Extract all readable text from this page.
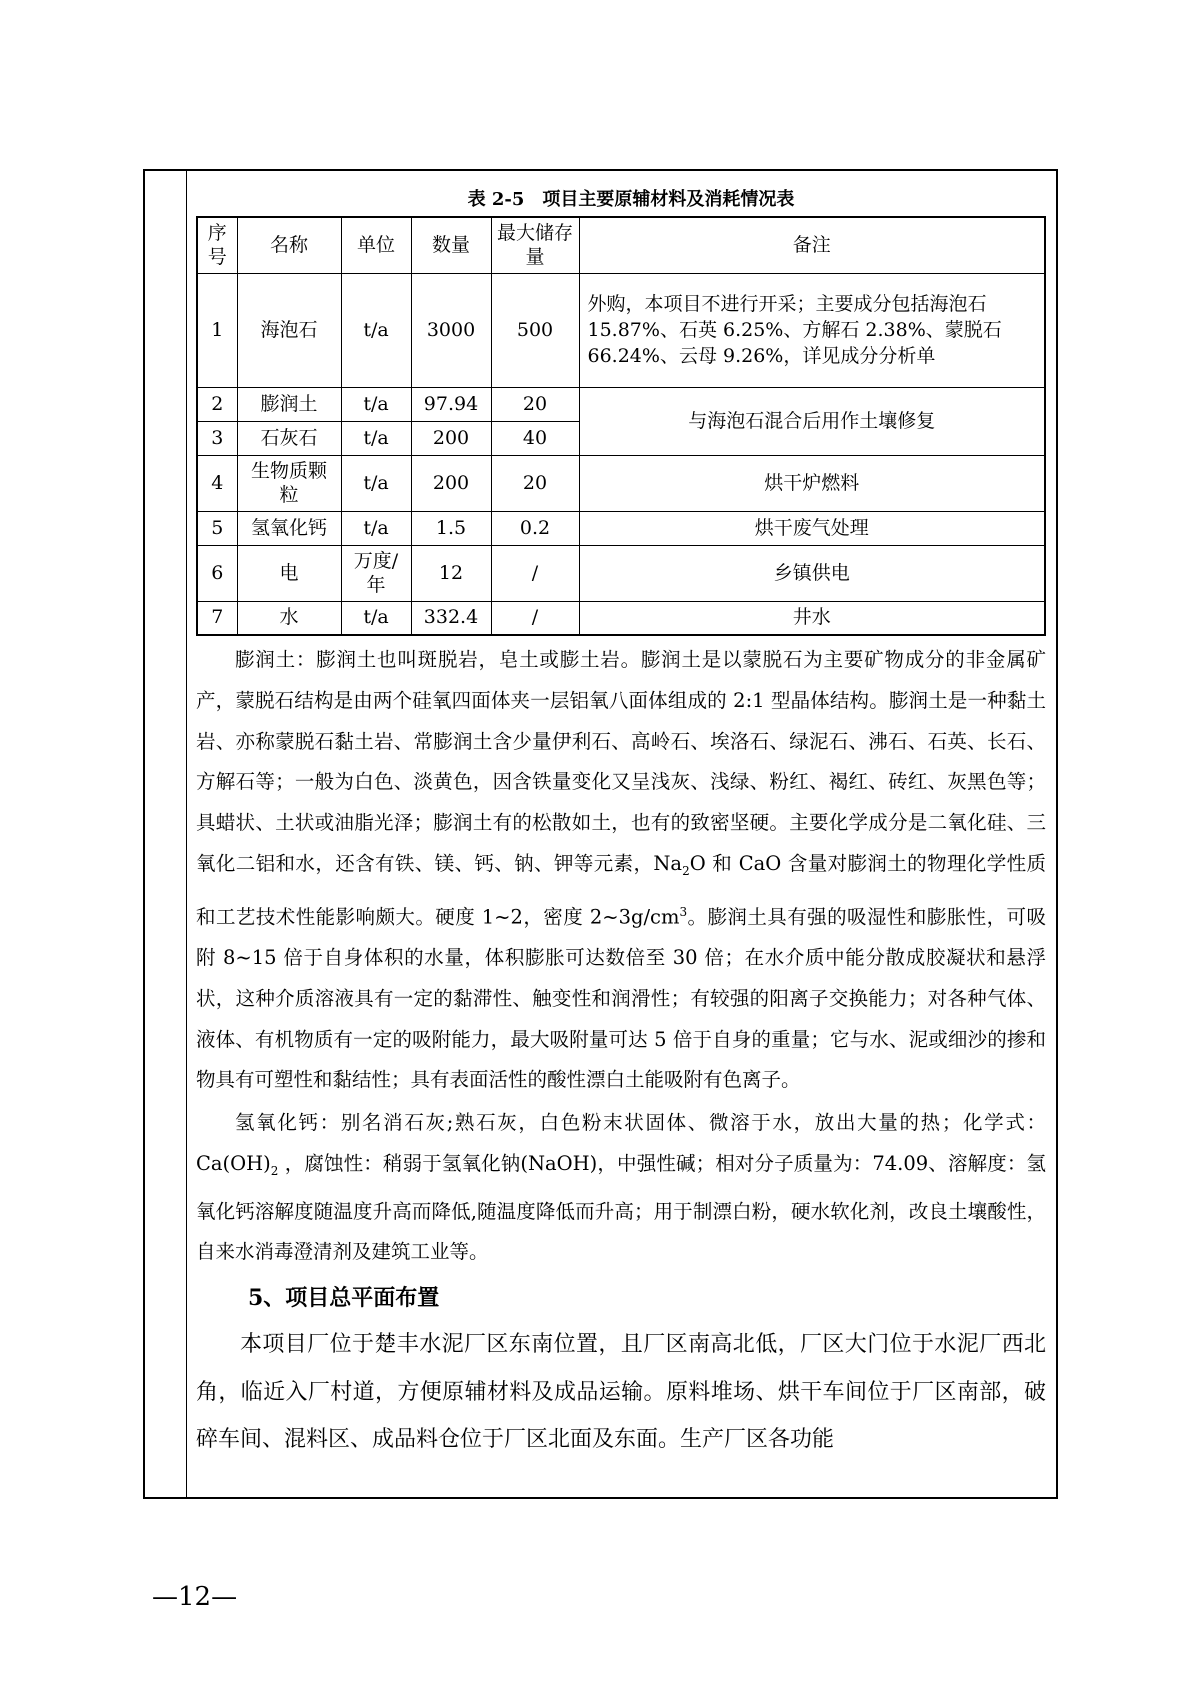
表 2-5　项目主要原辅材料及消耗情况表
序号	名称	单位	数量	最大储存量	备注
1	海泡石	t/a	3000	500	外购，本项目不进行开采；主要成分包括海泡石 15.87%、石英 6.25%、方解石 2.38%、蒙脱石 66.24%、云母 9.26%，详见成分分析单
2	膨润土	t/a	97.94	20	与海泡石混合后用作土壤修复
3	石灰石	t/a	200	40	
4	生物质颗粒	t/a	200	20	烘干炉燃料
5	氢氧化钙	t/a	1.5	0.2	烘干废气处理
6	电	万度/年	12	/	乡镇供电
7	水	t/a	332.4	/	井水

膨润土：膨润土也叫斑脱岩，皂土或膨土岩。膨润土是以蒙脱石为主要矿物成分的非金属矿产，蒙脱石结构是由两个硅氧四面体夹一层铝氧八面体组成的 2:1 型晶体结构。膨润土是一种黏土岩、亦称蒙脱石黏土岩、常膨润土含少量伊利石、高岭石、埃洛石、绿泥石、沸石、石英、长石、方解石等；一般为白色、淡黄色，因含铁量变化又呈浅灰、浅绿、粉红、褐红、砖红、灰黑色等；具蜡状、土状或油脂光泽；膨润土有的松散如土，也有的致密坚硬。主要化学成分是二氧化硅、三氧化二铝和水，还含有铁、镁、钙、钠、钾等元素，$Na_2O$ 和 CaO 含量对膨润土的物理化学性质和工艺技术性能影响颇大。硬度 1~2，密度 $2\sim 3g/cm^3$。膨润土具有强的吸湿性和膨胀性，可吸附 8~15 倍于自身体积的水量，体积膨胀可达数倍至 30 倍；在水介质中能分散成胶凝状和悬浮状，这种介质溶液具有一定的黏滞性、触变性和润滑性；有较强的阳离子交换能力；对各种气体、液体、有机物质有一定的吸附能力，最大吸附量可达 5 倍于自身的重量；它与水、泥或细沙的掺和物具有可塑性和黏结性；具有表面活性的酸性漂白土能吸附有色离子。

氢氧化钙：别名消石灰;熟石灰，白色粉末状固体、微溶于水，放出大量的热；化学式：$Ca(OH)_2$ ，腐蚀性：稍弱于氢氧化钠(NaOH)，中强性碱；相对分子质量为：74.09、溶解度：氢氧化钙溶解度随温度升高而降低,随温度降低而升高；用于制漂白粉，硬水软化剂，改良土壤酸性，自来水消毒澄清剂及建筑工业等。

5、项目总平面布置

本项目厂位于楚丰水泥厂区东南位置，且厂区南高北低，厂区大门位于水泥厂西北角，临近入厂村道，方便原辅材料及成品运输。原料堆场、烘干车间位于厂区南部，破碎车间、混料区、成品料仓位于厂区北面及东面。生产厂区各功能

—12—
